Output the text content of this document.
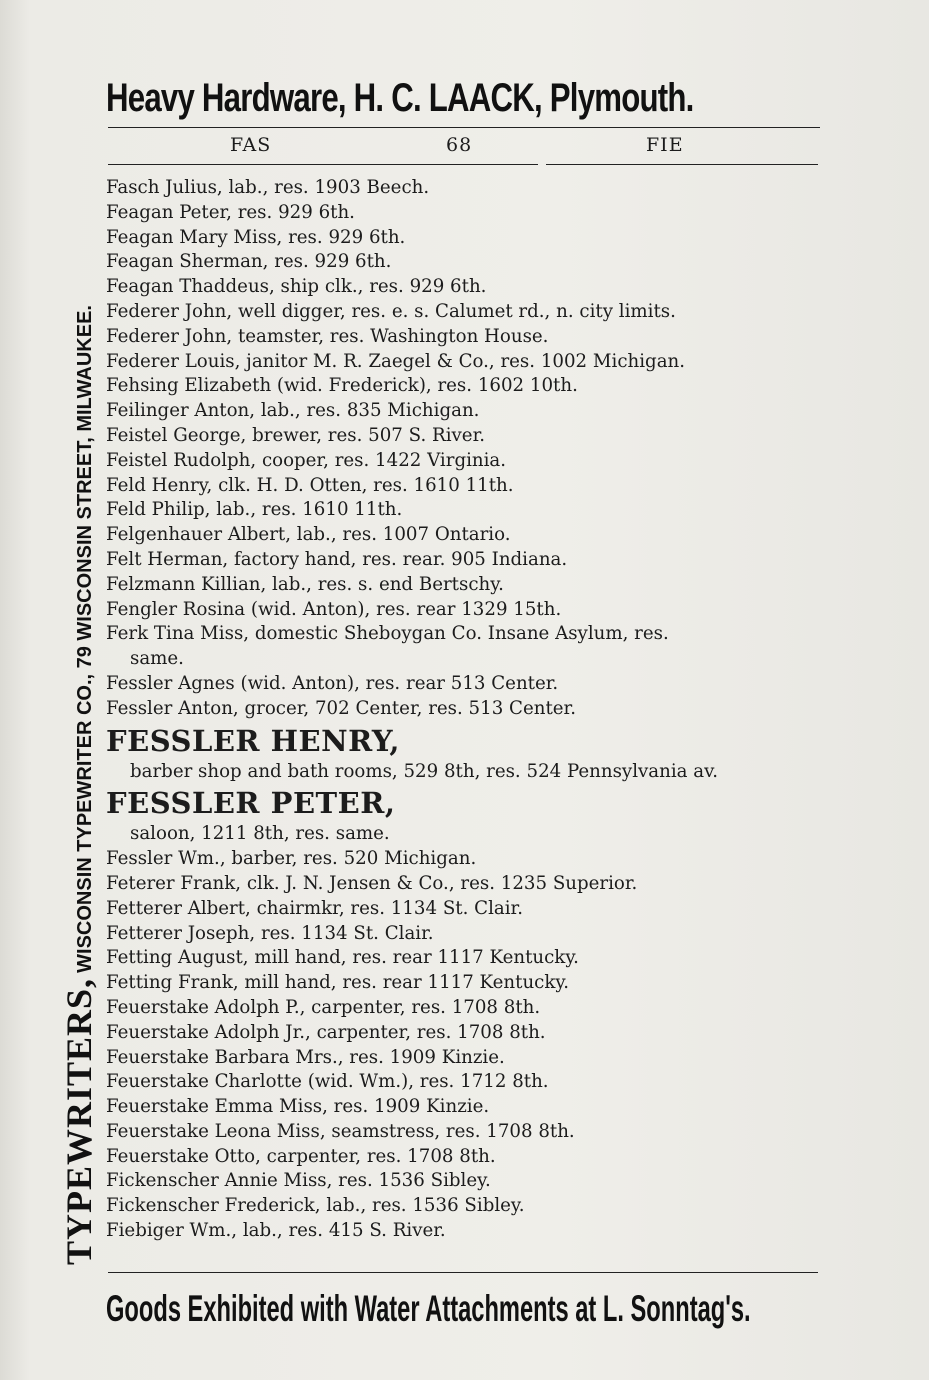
Heavy Hardware, H. C. LAACK, Plymouth.
FAS	68	FIE
TYPEWRITERS, WISCONSIN TYPEWRITER CO., 79 WISCONSIN STREET, MILWAUKEE.
Fasch Julius, lab., res. 1903 Beech.
Feagan Peter, res. 929 6th.
Feagan Mary Miss, res. 929 6th.
Feagan Sherman, res. 929 6th.
Feagan Thaddeus, ship clk., res. 929 6th.
Federer John, well digger, res. e. s. Calumet rd., n. city limits.
Federer John, teamster, res. Washington House.
Federer Louis, janitor M. R. Zaegel & Co., res. 1002 Michigan.
Fehsing Elizabeth (wid. Frederick), res. 1602 10th.
Feilinger Anton, lab., res. 835 Michigan.
Feistel George, brewer, res. 507 S. River.
Feistel Rudolph, cooper, res. 1422 Virginia.
Feld Henry, clk. H. D. Otten, res. 1610 11th.
Feld Philip, lab., res. 1610 11th.
Felgenhauer Albert, lab., res. 1007 Ontario.
Felt Herman, factory hand, res. rear. 905 Indiana.
Felzmann Killian, lab., res. s. end Bertschy.
Fengler Rosina (wid. Anton), res. rear 1329 15th.
Ferk Tina Miss, domestic Sheboygan Co. Insane Asylum, res.
same.
Fessler Agnes (wid. Anton), res. rear 513 Center.
Fessler Anton, grocer, 702 Center, res. 513 Center.
FESSLER HENRY,
barber shop and bath rooms, 529 8th, res. 524 Pennsylvania av.
FESSLER PETER,
saloon, 1211 8th, res. same.
Fessler Wm., barber, res. 520 Michigan.
Feterer Frank, clk. J. N. Jensen & Co., res. 1235 Superior.
Fetterer Albert, chairmkr, res. 1134 St. Clair.
Fetterer Joseph, res. 1134 St. Clair.
Fetting August, mill hand, res. rear 1117 Kentucky.
Fetting Frank, mill hand, res. rear 1117 Kentucky.
Feuerstake Adolph P., carpenter, res. 1708 8th.
Feuerstake Adolph Jr., carpenter, res. 1708 8th.
Feuerstake Barbara Mrs., res. 1909 Kinzie.
Feuerstake Charlotte (wid. Wm.), res. 1712 8th.
Feuerstake Emma Miss, res. 1909 Kinzie.
Feuerstake Leona Miss, seamstress, res. 1708 8th.
Feuerstake Otto, carpenter, res. 1708 8th.
Fickenscher Annie Miss, res. 1536 Sibley.
Fickenscher Frederick, lab., res. 1536 Sibley.
Fiebiger Wm., lab., res. 415 S. River.
Goods Exhibited with Water Attachments at L. Sonntag's.
